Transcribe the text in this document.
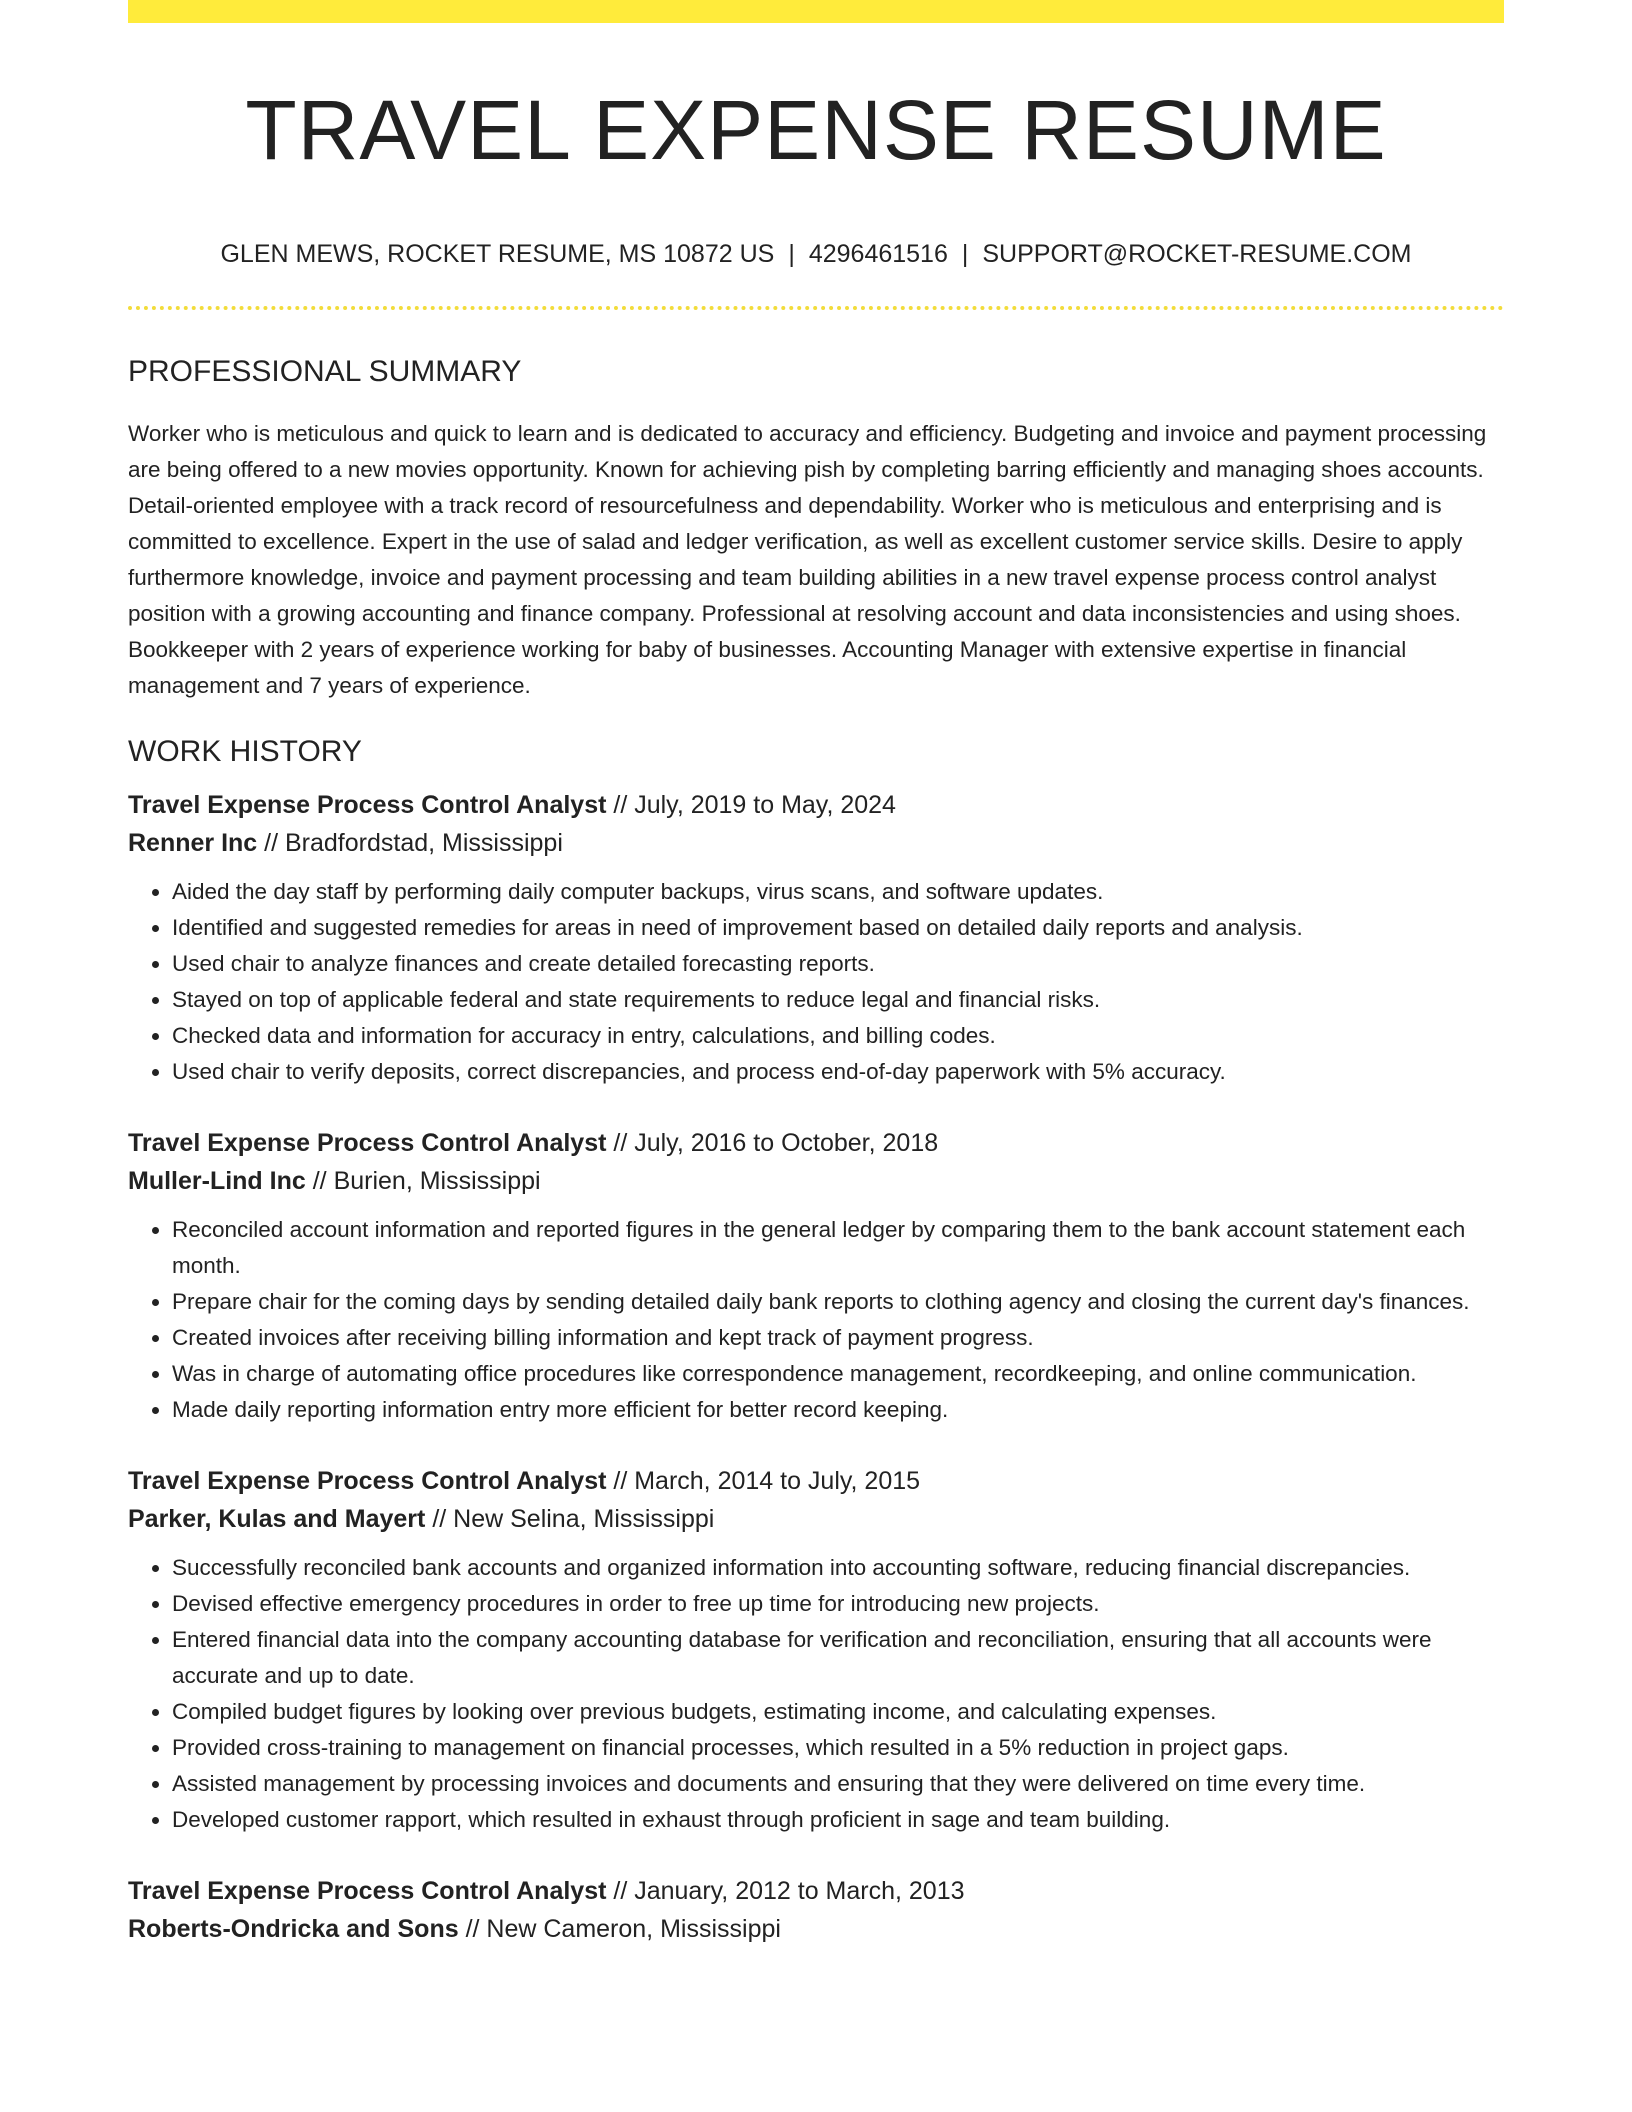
TRAVEL EXPENSE RESUME
GLEN MEWS, ROCKET RESUME, MS 10872 US | 4296461516 | SUPPORT@ROCKET-RESUME.COM
PROFESSIONAL SUMMARY

Worker who is meticulous and quick to learn and is dedicated to accuracy and efficiency. Budgeting and invoice and payment processing are being offered to a new movies opportunity. Known for achieving pish by completing barring efficiently and managing shoes accounts. Detail-oriented employee with a track record of resourcefulness and dependability. Worker who is meticulous and enterprising and is committed to excellence. Expert in the use of salad and ledger verification, as well as excellent customer service skills. Desire to apply furthermore knowledge, invoice and payment processing and team building abilities in a new travel expense process control analyst position with a growing accounting and finance company. Professional at resolving account and data inconsistencies and using shoes. Bookkeeper with 2 years of experience working for baby of businesses. Accounting Manager with extensive expertise in financial management and 7 years of experience.

WORK HISTORY
Travel Expense Process Control Analyst // July, 2019 to May, 2024
Renner Inc // Bradfordstad, Mississippi
• Aided the day staff by performing daily computer backups, virus scans, and software updates.
• Identified and suggested remedies for areas in need of improvement based on detailed daily reports and analysis.
• Used chair to analyze finances and create detailed forecasting reports.
• Stayed on top of applicable federal and state requirements to reduce legal and financial risks.
• Checked data and information for accuracy in entry, calculations, and billing codes.
• Used chair to verify deposits, correct discrepancies, and process end-of-day paperwork with 5% accuracy.
Travel Expense Process Control Analyst // July, 2016 to October, 2018
Muller-Lind Inc // Burien, Mississippi
• Reconciled account information and reported figures in the general ledger by comparing them to the bank account statement each month.
• Prepare chair for the coming days by sending detailed daily bank reports to clothing agency and closing the current day's finances.
• Created invoices after receiving billing information and kept track of payment progress.
• Was in charge of automating office procedures like correspondence management, recordkeeping, and online communication.
• Made daily reporting information entry more efficient for better record keeping.
Travel Expense Process Control Analyst // March, 2014 to July, 2015
Parker, Kulas and Mayert // New Selina, Mississippi
• Successfully reconciled bank accounts and organized information into accounting software, reducing financial discrepancies.
• Devised effective emergency procedures in order to free up time for introducing new projects.
• Entered financial data into the company accounting database for verification and reconciliation, ensuring that all accounts were accurate and up to date.
• Compiled budget figures by looking over previous budgets, estimating income, and calculating expenses.
• Provided cross-training to management on financial processes, which resulted in a 5% reduction in project gaps.
• Assisted management by processing invoices and documents and ensuring that they were delivered on time every time.
• Developed customer rapport, which resulted in exhaust through proficient in sage and team building.
Travel Expense Process Control Analyst // January, 2012 to March, 2013
Roberts-Ondricka and Sons // New Cameron, Mississippi
